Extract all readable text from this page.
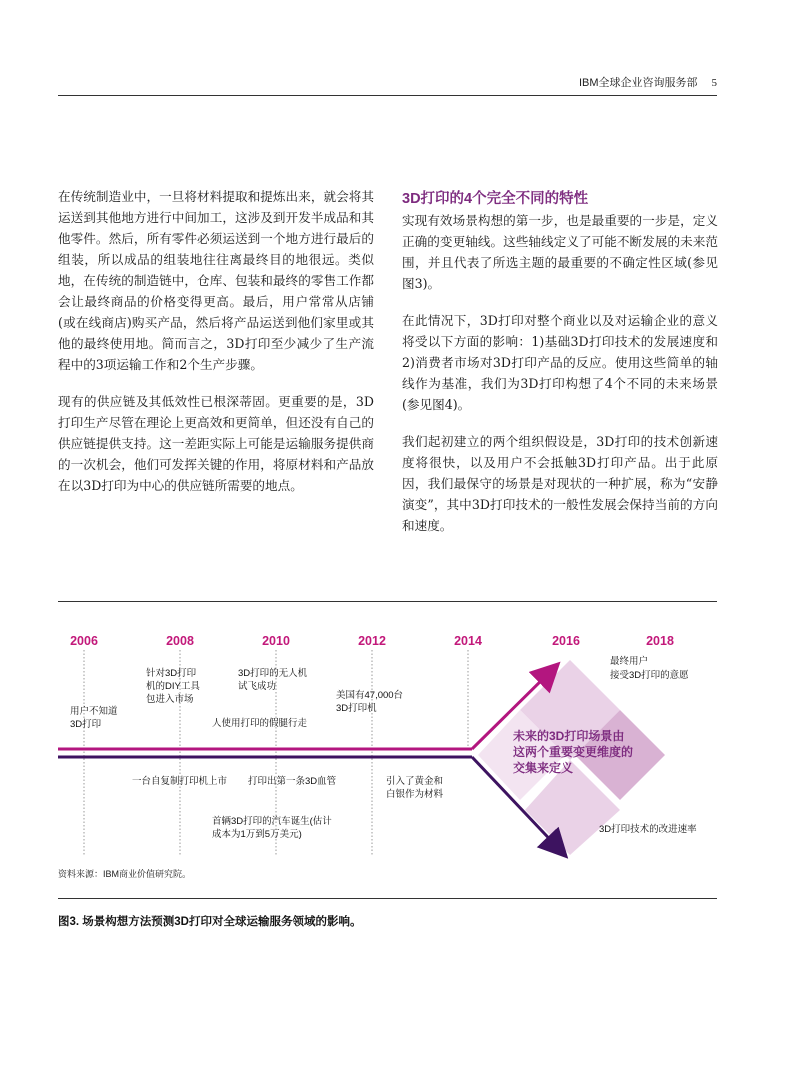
IBM全球企业咨询服务部 5

在传统制造业中，一旦将材料提取和提炼出来，就会将其运送到其他地方进行中间加工，这涉及到开发半成品和其他零件。然后，所有零件必须运送到一个地方进行最后的组装，所以成品的组装地往往离最终目的地很远。类似地，在传统的制造链中，仓库、包装和最终的零售工作都会让最终商品的价格变得更高。最后，用户常常从店铺(或在线商店)购买产品，然后将产品运送到他们家里或其他的最终使用地。简而言之，3D打印至少减少了生产流程中的3项运输工作和2个生产步骤。

现有的供应链及其低效性已根深蒂固。更重要的是，3D打印生产尽管在理论上更高效和更简单，但还没有自己的供应链提供支持。这一差距实际上可能是运输服务提供商的一次机会，他们可发挥关键的作用，将原材料和产品放在以3D打印为中心的供应链所需要的地点。

3D打印的4个完全不同的特性

实现有效场景构想的第一步，也是最重要的一步是，定义正确的变更轴线。这些轴线定义了可能不断发展的未来范围，并且代表了所选主题的最重要的不确定性区域(参见图3)。

在此情况下，3D打印对整个商业以及对运输企业的意义将受以下方面的影响：1)基础3D打印技术的发展速度和2)消费者市场对3D打印产品的反应。使用这些简单的轴线作为基准，我们为3D打印构想了4个不同的未来场景(参见图4)。

我们起初建立的两个组织假设是，3D打印的技术创新速度将很快，以及用户不会抵触3D打印产品。出于此原因，我们最保守的场景是对现状的一种扩展，称为“安静演变”，其中3D打印技术的一般性发展会保持当前的方向和速度。

2006	2008	2010	2012	2014	2016	2018
用户不知道
3D打印
针对3D打印
机的DIY工具
包进入市场
3D打印的无人机
试飞成功
人使用打印的假腿行走
美国有47,000台
3D打印机
一台自复制打印机上市 打印出第一条3D血管
首辆3D打印的汽车诞生(估计
成本为1万到5万美元)
引入了黄金和
白银作为材料
最终用户
接受3D打印的意愿
3D打印技术的改进速率
未来的3D打印场景由
这两个重要变更维度的
交集来定义
资料来源：IBM商业价值研究院。
图3. 场景构想方法预测3D打印对全球运输服务领域的影响。
